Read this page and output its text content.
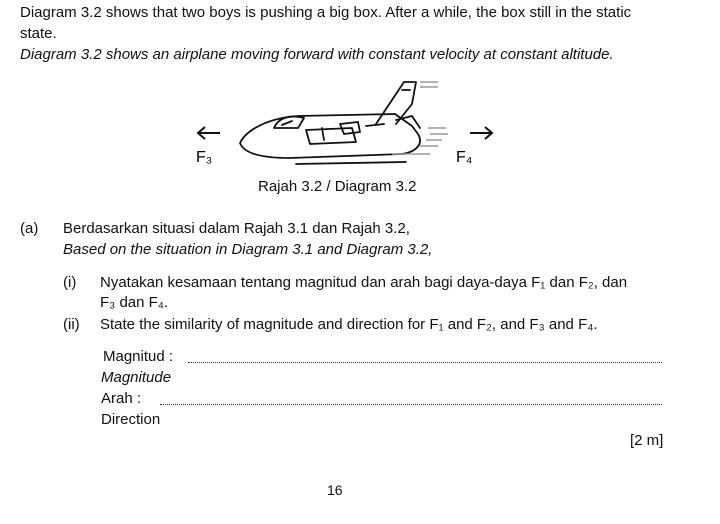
Diagram 3.2 shows that two boys is pushing a big box. After a while, the box still in the static
state.
Diagram 3.2 shows an airplane moving forward with constant velocity at constant altitude.
F₃	F₄
Rajah 3.2 / Diagram 3.2
(a) Berdasarkan situasi dalam Rajah 3.1 dan Rajah 3.2,
Based on the situation in Diagram 3.1 and Diagram 3.2,
(i) Nyatakan kesamaan tentang magnitud dan arah bagi daya-daya F₁ dan F₂, dan
F₃ dan F₄.
(ii) State the similarity of magnitude and direction for F₁ and F₂, and F₃ and F₄.
Magnitud :
Magnitude
Arah :
Direction
[2 m]
16
